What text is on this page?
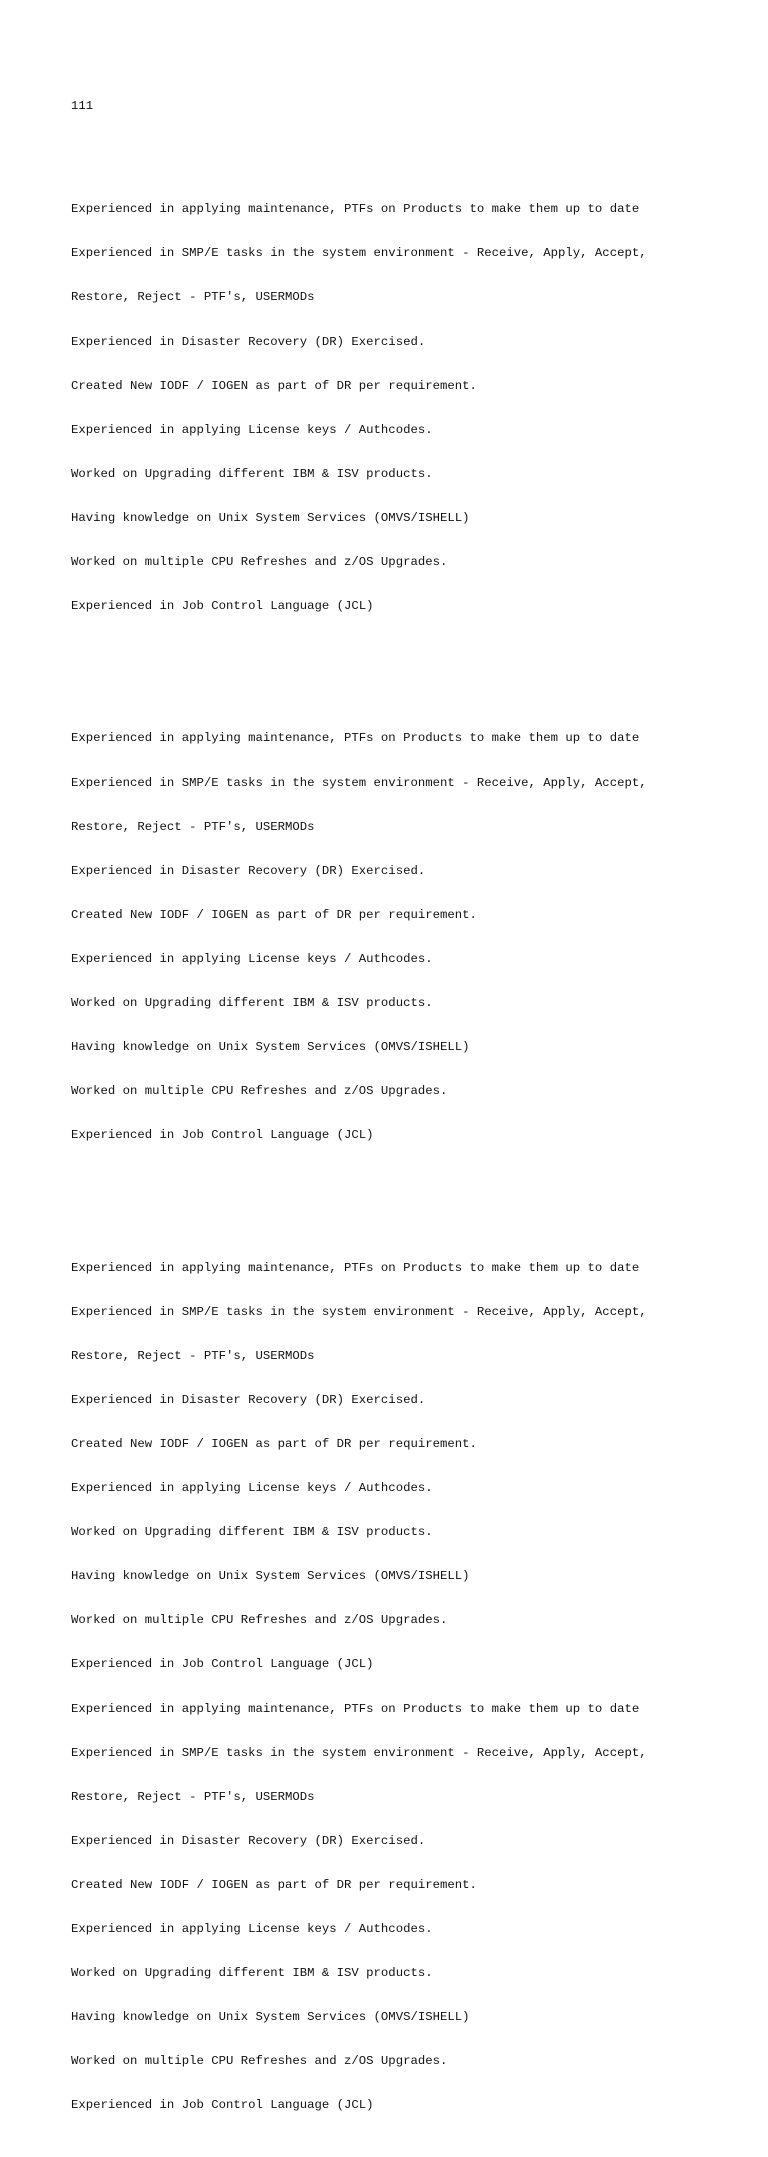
111

Experienced in applying maintenance, PTFs on Products to make them up to date

Experienced in SMP/E tasks in the system environment - Receive, Apply, Accept,

Restore, Reject - PTF's, USERMODs

Experienced in Disaster Recovery (DR) Exercised.

Created New IODF / IOGEN as part of DR per requirement.

Experienced in applying License keys / Authcodes.

Worked on Upgrading different IBM & ISV products.

Having knowledge on Unix System Services (OMVS/ISHELL)

Worked on multiple CPU Refreshes and z/OS Upgrades.

Experienced in Job Control Language (JCL)

Experienced in applying maintenance, PTFs on Products to make them up to date

Experienced in SMP/E tasks in the system environment - Receive, Apply, Accept,

Restore, Reject - PTF's, USERMODs

Experienced in Disaster Recovery (DR) Exercised.

Created New IODF / IOGEN as part of DR per requirement.

Experienced in applying License keys / Authcodes.

Worked on Upgrading different IBM & ISV products.

Having knowledge on Unix System Services (OMVS/ISHELL)

Worked on multiple CPU Refreshes and z/OS Upgrades.

Experienced in Job Control Language (JCL)

Experienced in applying maintenance, PTFs on Products to make them up to date

Experienced in SMP/E tasks in the system environment - Receive, Apply, Accept,

Restore, Reject - PTF's, USERMODs

Experienced in Disaster Recovery (DR) Exercised.

Created New IODF / IOGEN as part of DR per requirement.

Experienced in applying License keys / Authcodes.

Worked on Upgrading different IBM & ISV products.

Having knowledge on Unix System Services (OMVS/ISHELL)

Worked on multiple CPU Refreshes and z/OS Upgrades.

Experienced in Job Control Language (JCL)

Experienced in applying maintenance, PTFs on Products to make them up to date

Experienced in SMP/E tasks in the system environment - Receive, Apply, Accept,

Restore, Reject - PTF's, USERMODs

Experienced in Disaster Recovery (DR) Exercised.

Created New IODF / IOGEN as part of DR per requirement.

Experienced in applying License keys / Authcodes.

Worked on Upgrading different IBM & ISV products.

Having knowledge on Unix System Services (OMVS/ISHELL)

Worked on multiple CPU Refreshes and z/OS Upgrades.

Experienced in Job Control Language (JCL)
